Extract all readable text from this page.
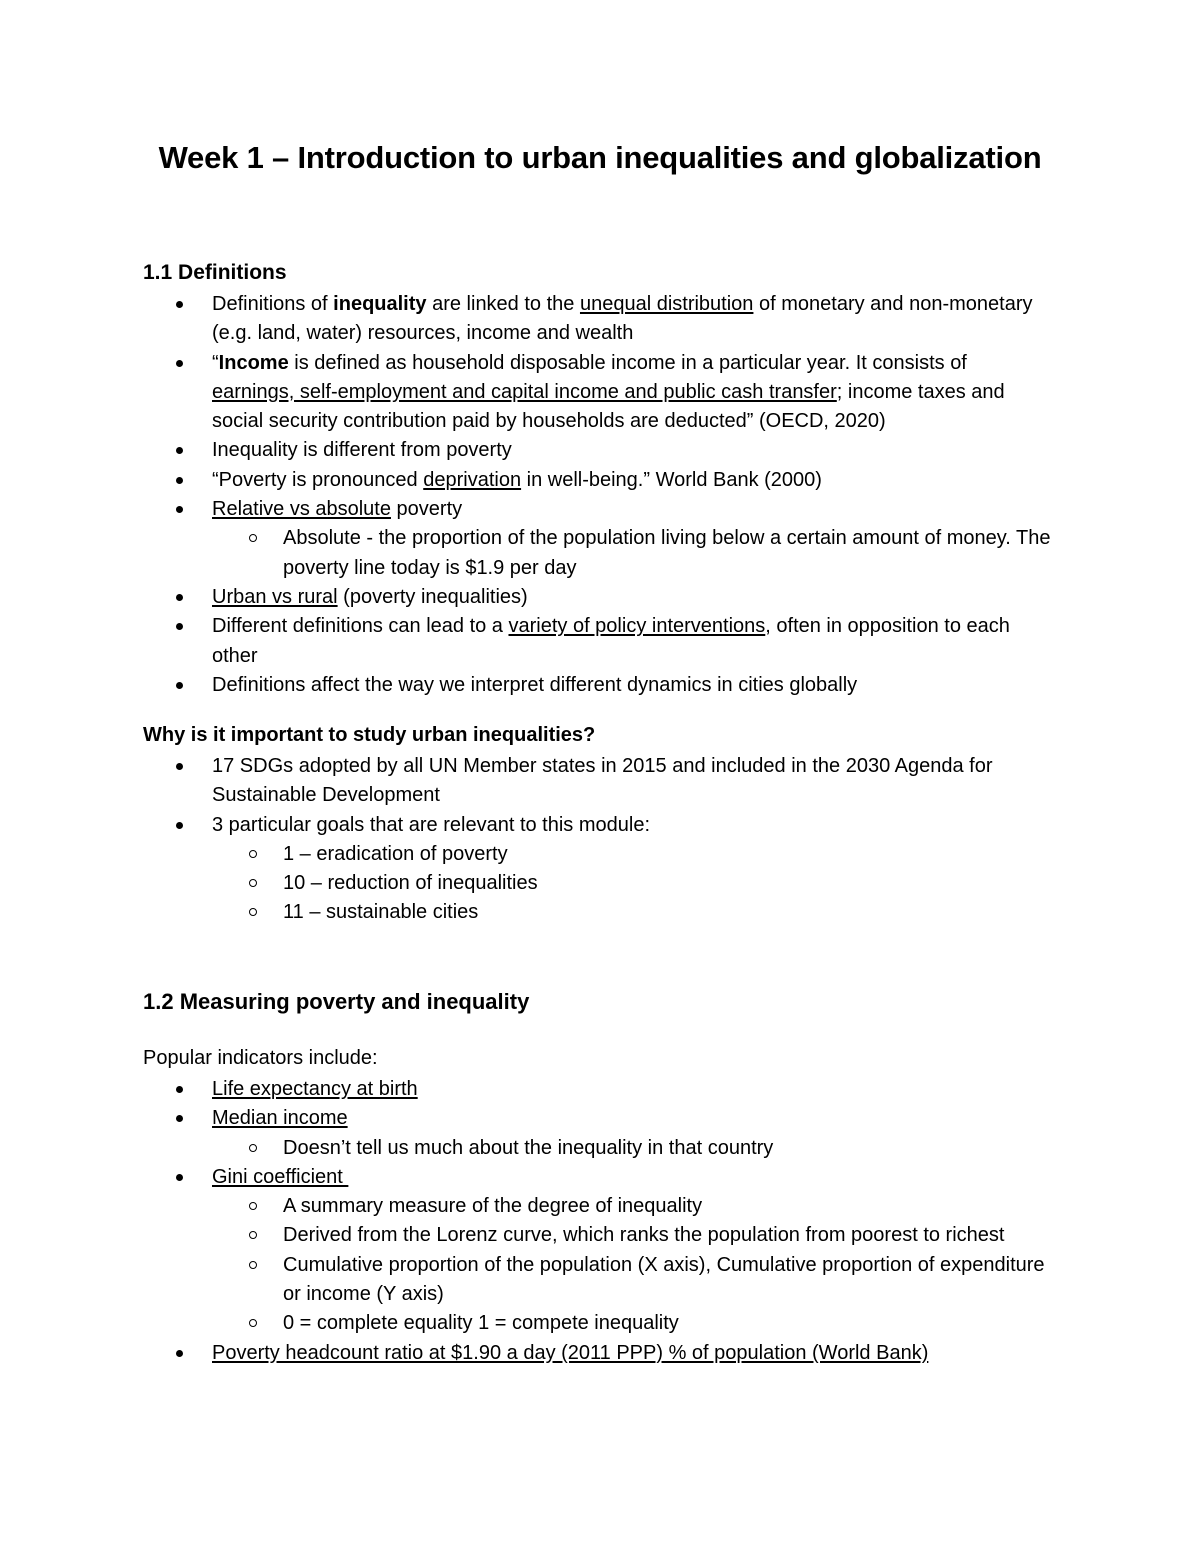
Week 1 – Introduction to urban inequalities and globalization
1.1 Definitions
Definitions of inequality are linked to the unequal distribution of monetary and non-monetary (e.g. land, water) resources, income and wealth
“Income is defined as household disposable income in a particular year. It consists of earnings, self-employment and capital income and public cash transfer; income taxes and social security contribution paid by households are deducted” (OECD, 2020)
Inequality is different from poverty
“Poverty is pronounced deprivation in well-being.” World Bank (2000)
Relative vs absolute poverty
Absolute - the proportion of the population living below a certain amount of money. The poverty line today is $1.9 per day
Urban vs rural (poverty inequalities)
Different definitions can lead to a variety of policy interventions, often in opposition to each other
Definitions affect the way we interpret different dynamics in cities globally
Why is it important to study urban inequalities?
17 SDGs adopted by all UN Member states in 2015 and included in the 2030 Agenda for Sustainable Development
3 particular goals that are relevant to this module:
1 – eradication of poverty
10 – reduction of inequalities
11 – sustainable cities
1.2 Measuring poverty and inequality
Popular indicators include:
Life expectancy at birth
Median income
Doesn’t tell us much about the inequality in that country
Gini coefficient
A summary measure of the degree of inequality
Derived from the Lorenz curve, which ranks the population from poorest to richest
Cumulative proportion of the population (X axis), Cumulative proportion of expenditure or income (Y axis)
0 = complete equality 1 = compete inequality
Poverty headcount ratio at $1.90 a day (2011 PPP) % of population (World Bank)
